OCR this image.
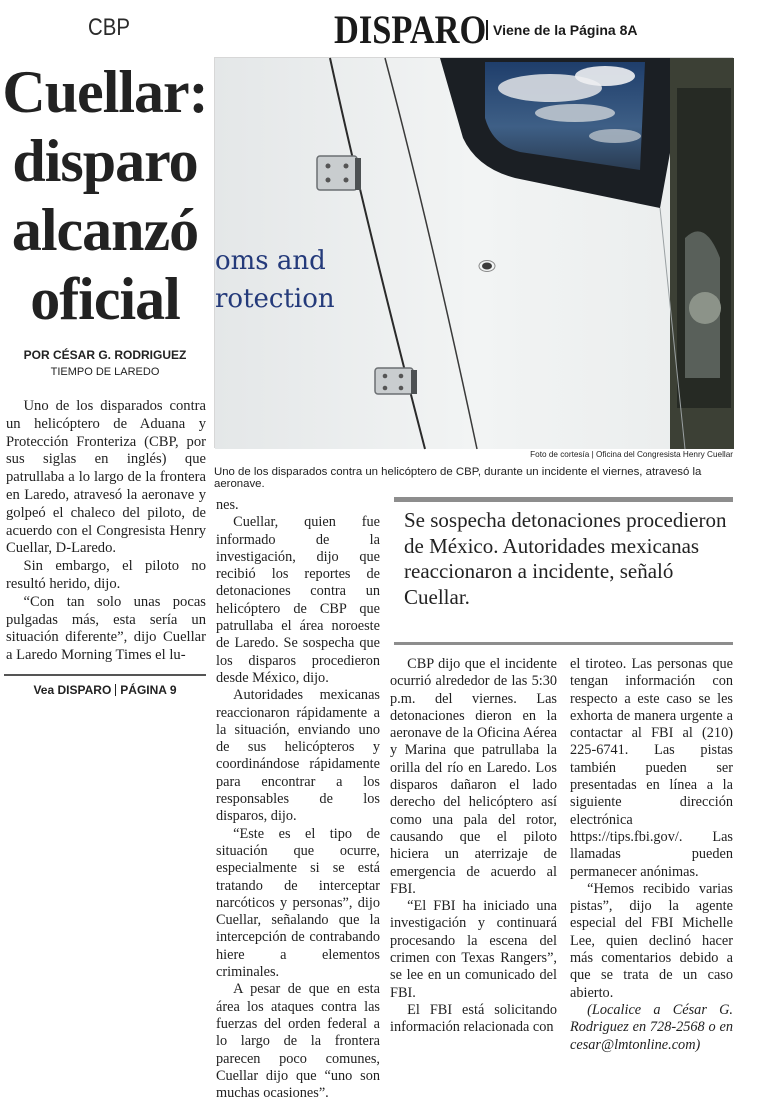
CBP	DISPARO Viene de la Página 8A
Cuellar:
disparo
alcanzó
oficial
POR CÉSAR G. RODRIGUEZ
TIEMPO DE LAREDO
oms and
rotection
Foto de cortesía | Oficina del Congresista Henry Cuellar
Uno de los disparados contra un helicóptero de CBP, durante un incidente el viernes, atravesó la aeronave.
Se sospecha detonaciones procedieron de México. Autoridades mexicanas reaccionaron a incidente, señaló Cuellar.

Uno de los disparados contra un helicóptero de Aduana y Protección Fronteriza (CBP, por sus siglas en inglés) que patrullaba a lo largo de la frontera en Laredo, atravesó la aeronave y golpeó el chaleco del piloto, de acuerdo con el Congresista Henry Cuellar, D-Laredo.

Sin embargo, el piloto no resultó herido, dijo.

“Con tan solo unas pocas pulgadas más, esta sería un situación diferente”, dijo Cuellar a Laredo Morning Times el lu-

Vea DISPARO PÁGINA 9
nes.

Cuellar, quien fue informado de la investigación, dijo que recibió los reportes de detonaciones contra un helicóptero de CBP que patrullaba el área noroeste de Laredo. Se sospecha que los disparos procedieron desde México, dijo.

Autoridades mexicanas reaccionaron rápidamente a la situación, enviando uno de sus helicópteros y coordinándose rápidamente para encontrar a los responsables de los disparos, dijo.

“Este es el tipo de situación que ocurre, especialmente si se está tratando de interceptar narcóticos y personas”, dijo Cuellar, señalando que la intercepción de contrabando hiere a elementos criminales.

A pesar de que en esta área los ataques contra las fuerzas del orden federal a lo largo de la frontera parecen poco comunes, Cuellar dijo que “uno son muchas ocasiones”.

CBP dijo que el incidente ocurrió alrededor de las 5:30 p.m. del viernes. Las detonaciones dieron en la aeronave de la Oficina Aérea y Marina que patrullaba la orilla del río en Laredo. Los disparos dañaron el lado derecho del helicóptero así como una pala del rotor, causando que el piloto hiciera un aterrizaje de emergencia de acuerdo al FBI.

“El FBI ha iniciado una investigación y continuará procesando la escena del crimen con Texas Rangers”, se lee en un comunicado del FBI.

El FBI está solicitando información relacionada con

el tiroteo. Las personas que tengan información con respecto a este caso se les exhorta de manera urgente a contactar al FBI al (210) 225-6741. Las pistas también pueden ser presentadas en línea a la siguiente dirección electrónica https://tips.fbi.gov/. Las llamadas pueden permanecer anónimas.

“Hemos recibido varias pistas”, dijo la agente especial del FBI Michelle Lee, quien declinó hacer más comentarios debido a que se trata de un caso abierto.

(Localice a César G. Rodriguez en 728-2568 o en cesar@lmtonline.com)
